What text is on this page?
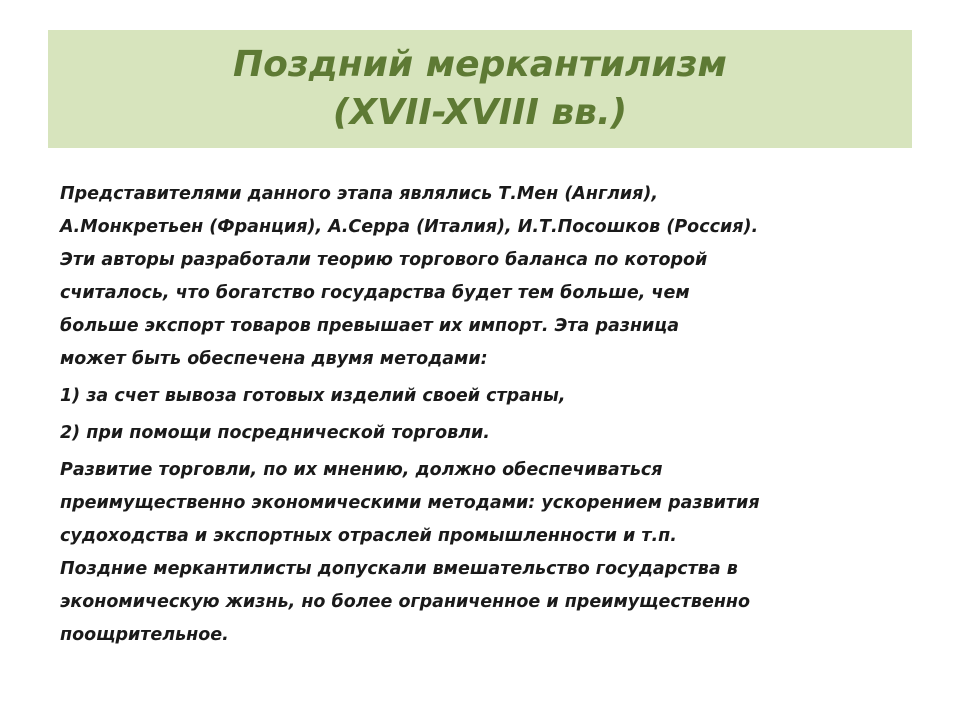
Поздний меркантилизм
(XVII-XVIII вв.)

Представителями данного этапа являлись Т.Мен (Англия),
А.Монкретьен (Франция), А.Серра (Италия), И.Т.Посошков (Россия).
Эти авторы разработали теорию торгового баланса по которой
считалось, что богатство государства будет тем больше, чем
больше экспорт товаров превышает их импорт. Эта разница
может быть обеспечена двумя методами:

1) за счет вывоза готовых изделий своей страны,

2) при помощи посреднической торговли.

Развитие торговли, по их мнению, должно обеспечиваться
преимущественно экономическими методами: ускорением развития
судоходства и экспортных отраслей промышленности и т.п.
Поздние меркантилисты допускали вмешательство государства в
экономическую жизнь, но более ограниченное и преимущественно
поощрительное.
